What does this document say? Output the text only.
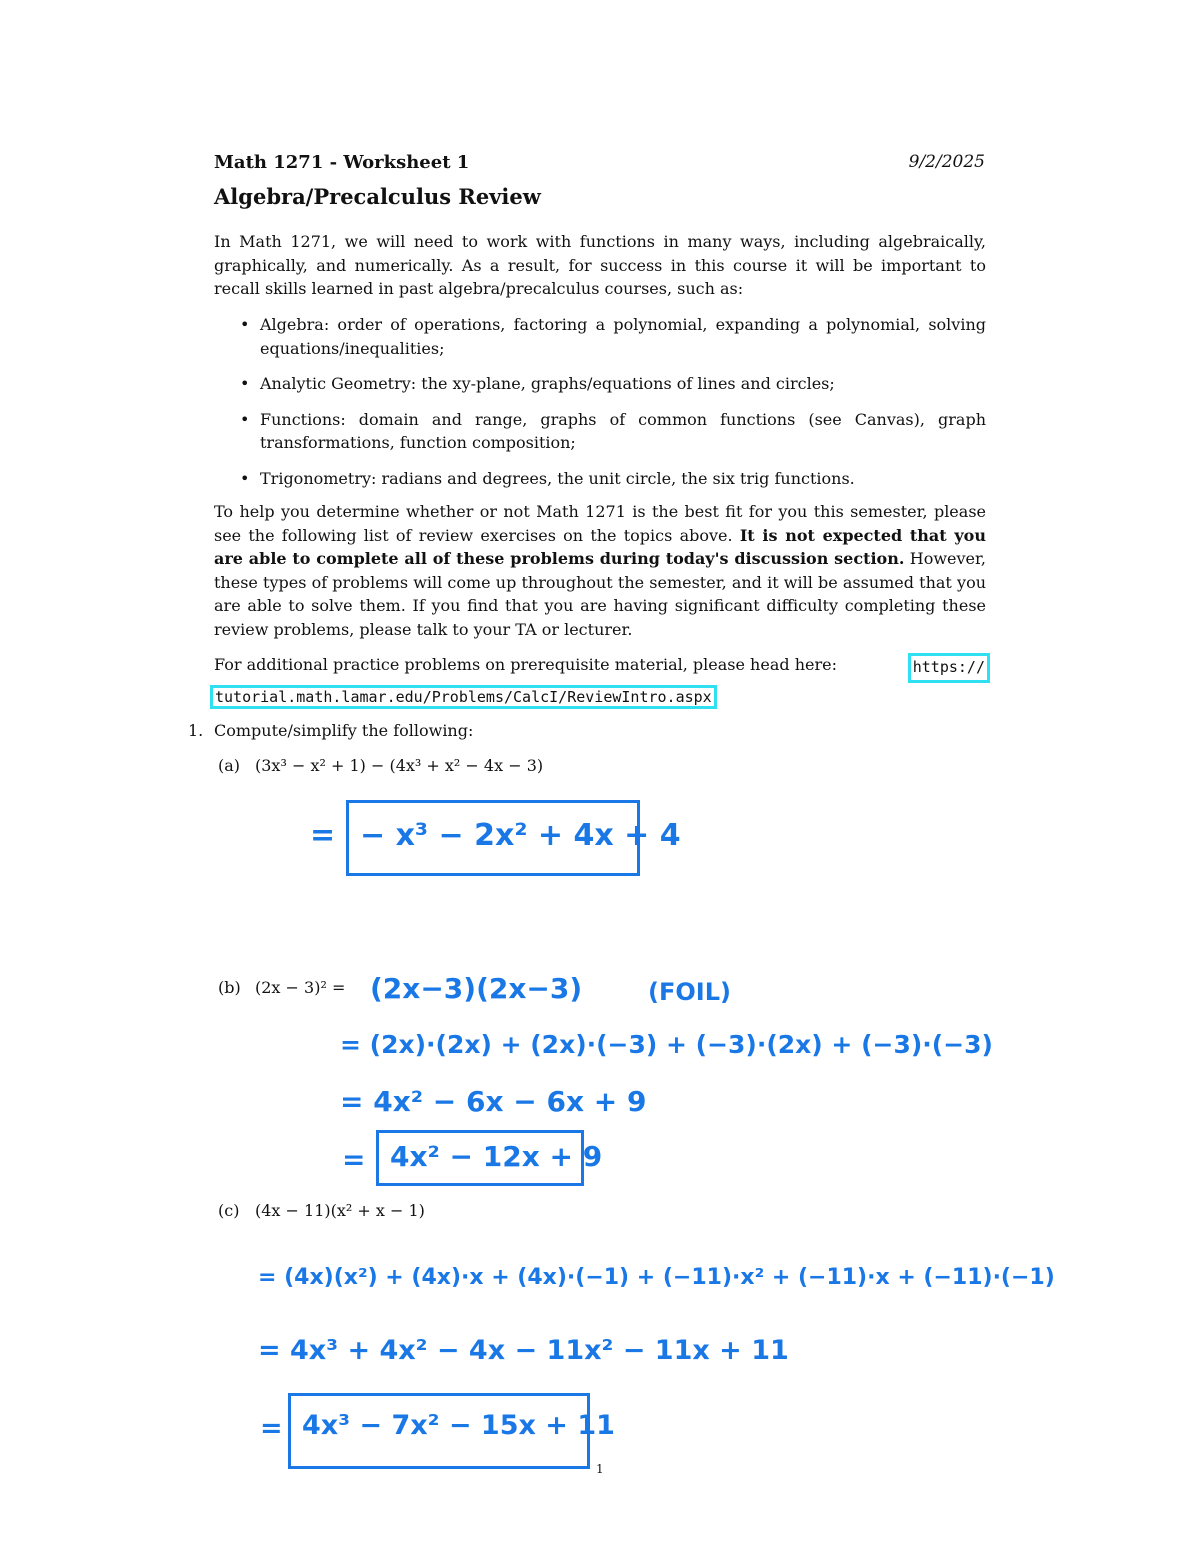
Math 1271 - Worksheet 1	9/2/2025
Algebra/Precalculus Review
In Math 1271, we will need to work with functions in many ways, including algebraically, graphically, and numerically. As a result, for success in this course it will be important to recall skills learned in past algebra/precalculus courses, such as:
• Algebra: order of operations, factoring a polynomial, expanding a polynomial, solving equations/inequalities;
• Analytic Geometry: the xy-plane, graphs/equations of lines and circles;
• Functions: domain and range, graphs of common functions (see Canvas), graph transformations, function composition;
• Trigonometry: radians and degrees, the unit circle, the six trig functions.
To help you determine whether or not Math 1271 is the best fit for you this semester, please see the following list of review exercises on the topics above. It is not expected that you are able to complete all of these problems during today's discussion section. However, these types of problems will come up throughout the semester, and it will be assumed that you are able to solve them. If you find that you are having significant difficulty completing these review problems, please talk to your TA or lecturer.
For additional practice problems on prerequisite material, please head here:	https://
tutorial.math.lamar.edu/Problems/CalcI/ReviewIntro.aspx
1. Compute/simplify the following:
(a) (3x³ − x² + 1) − (4x³ + x² − 4x − 3)
= − x³ − 2x² + 4x + 4
(b) (2x − 3)² = (2x−3)(2x−3)	(FOIL)
= (2x)·(2x) + (2x)·(−3) + (−3)·(2x) + (−3)·(−3)
= 4x² − 6x − 6x + 9
= 4x² − 12x + 9
(c) (4x − 11)(x² + x − 1)
= (4x)(x²) + (4x)·x + (4x)·(−1) + (−11)·x² + (−11)·x + (−11)·(−1)
= 4x³ + 4x² − 4x − 11x² − 11x + 11
= 4x³ − 7x² − 15x + 11
1
